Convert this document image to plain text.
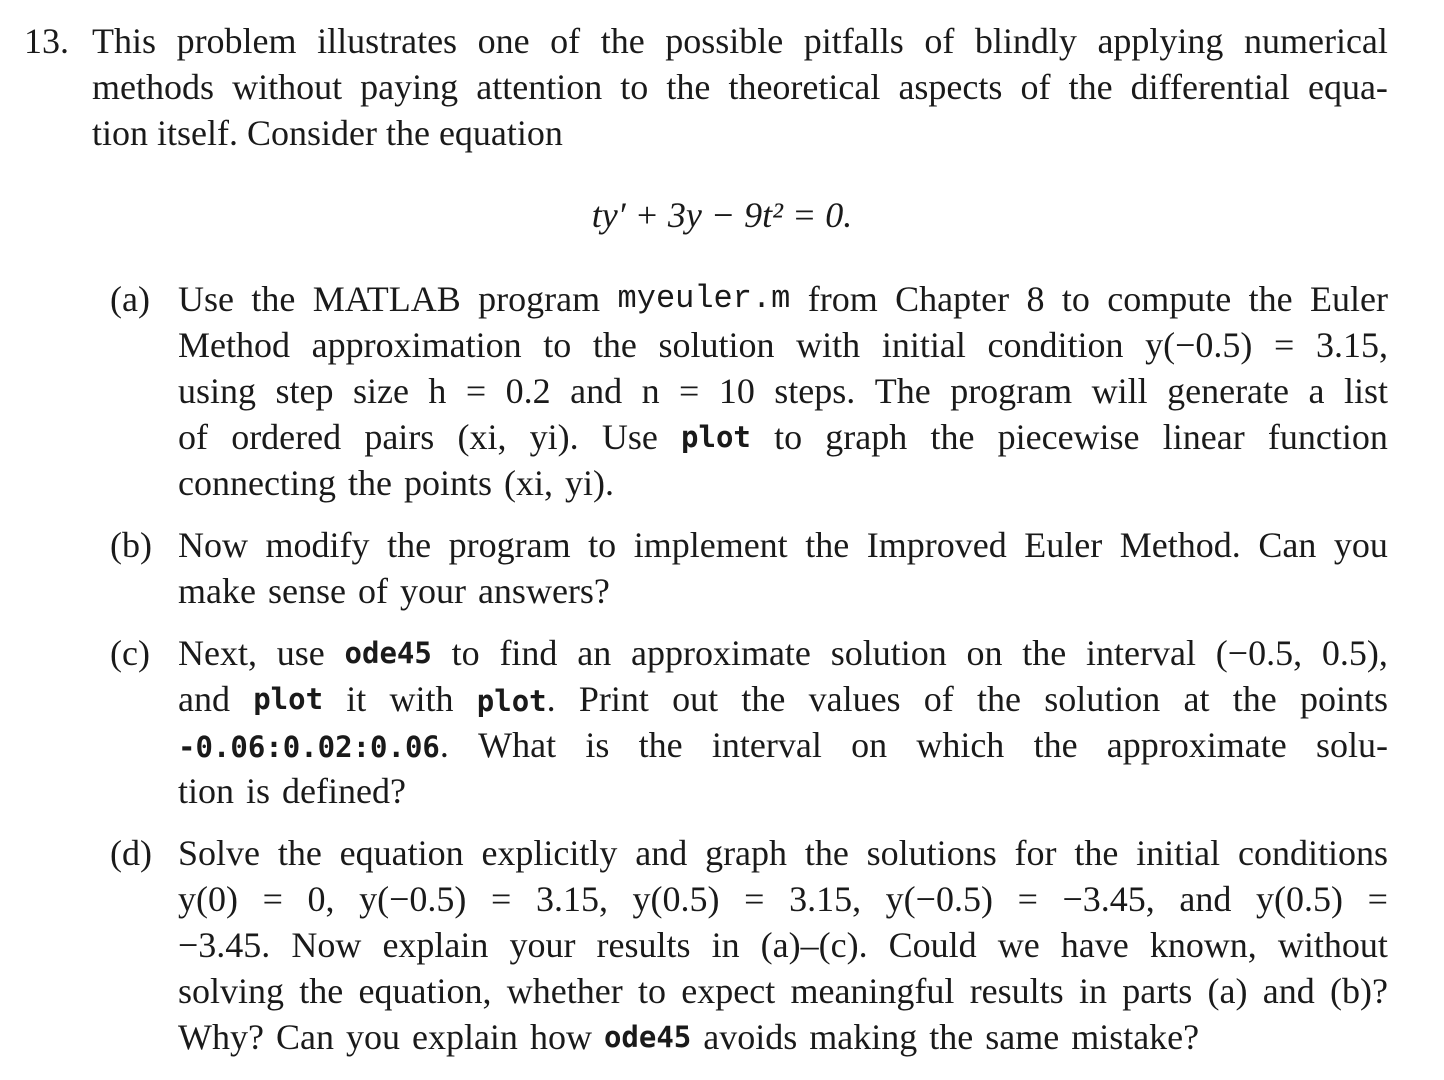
13. This problem illustrates one of the possible pitfalls of blindly applying numerical
methods without paying attention to the theoretical aspects of the differential equa-
tion itself. Consider the equation
ty′ + 3y − 9t² = 0.
(a) Use the MATLAB program myeuler.m from Chapter 8 to compute the Euler
Method approximation to the solution with initial condition y(−0.5) = 3.15,
using step size h = 0.2 and n = 10 steps. The program will generate a list
of ordered pairs (xi, yi). Use plot to graph the piecewise linear function
connecting the points (xi, yi).
(b) Now modify the program to implement the Improved Euler Method. Can you
make sense of your answers?
(c) Next, use ode45 to find an approximate solution on the interval (−0.5, 0.5),
and plot it with plot. Print out the values of the solution at the points
-0.06:0.02:0.06. What is the interval on which the approximate solu-
tion is defined?
(d) Solve the equation explicitly and graph the solutions for the initial conditions
y(0) = 0, y(−0.5) = 3.15, y(0.5) = 3.15, y(−0.5) = −3.45, and y(0.5) =
−3.45. Now explain your results in (a)–(c). Could we have known, without
solving the equation, whether to expect meaningful results in parts (a) and (b)?
Why? Can you explain how ode45 avoids making the same mistake?
